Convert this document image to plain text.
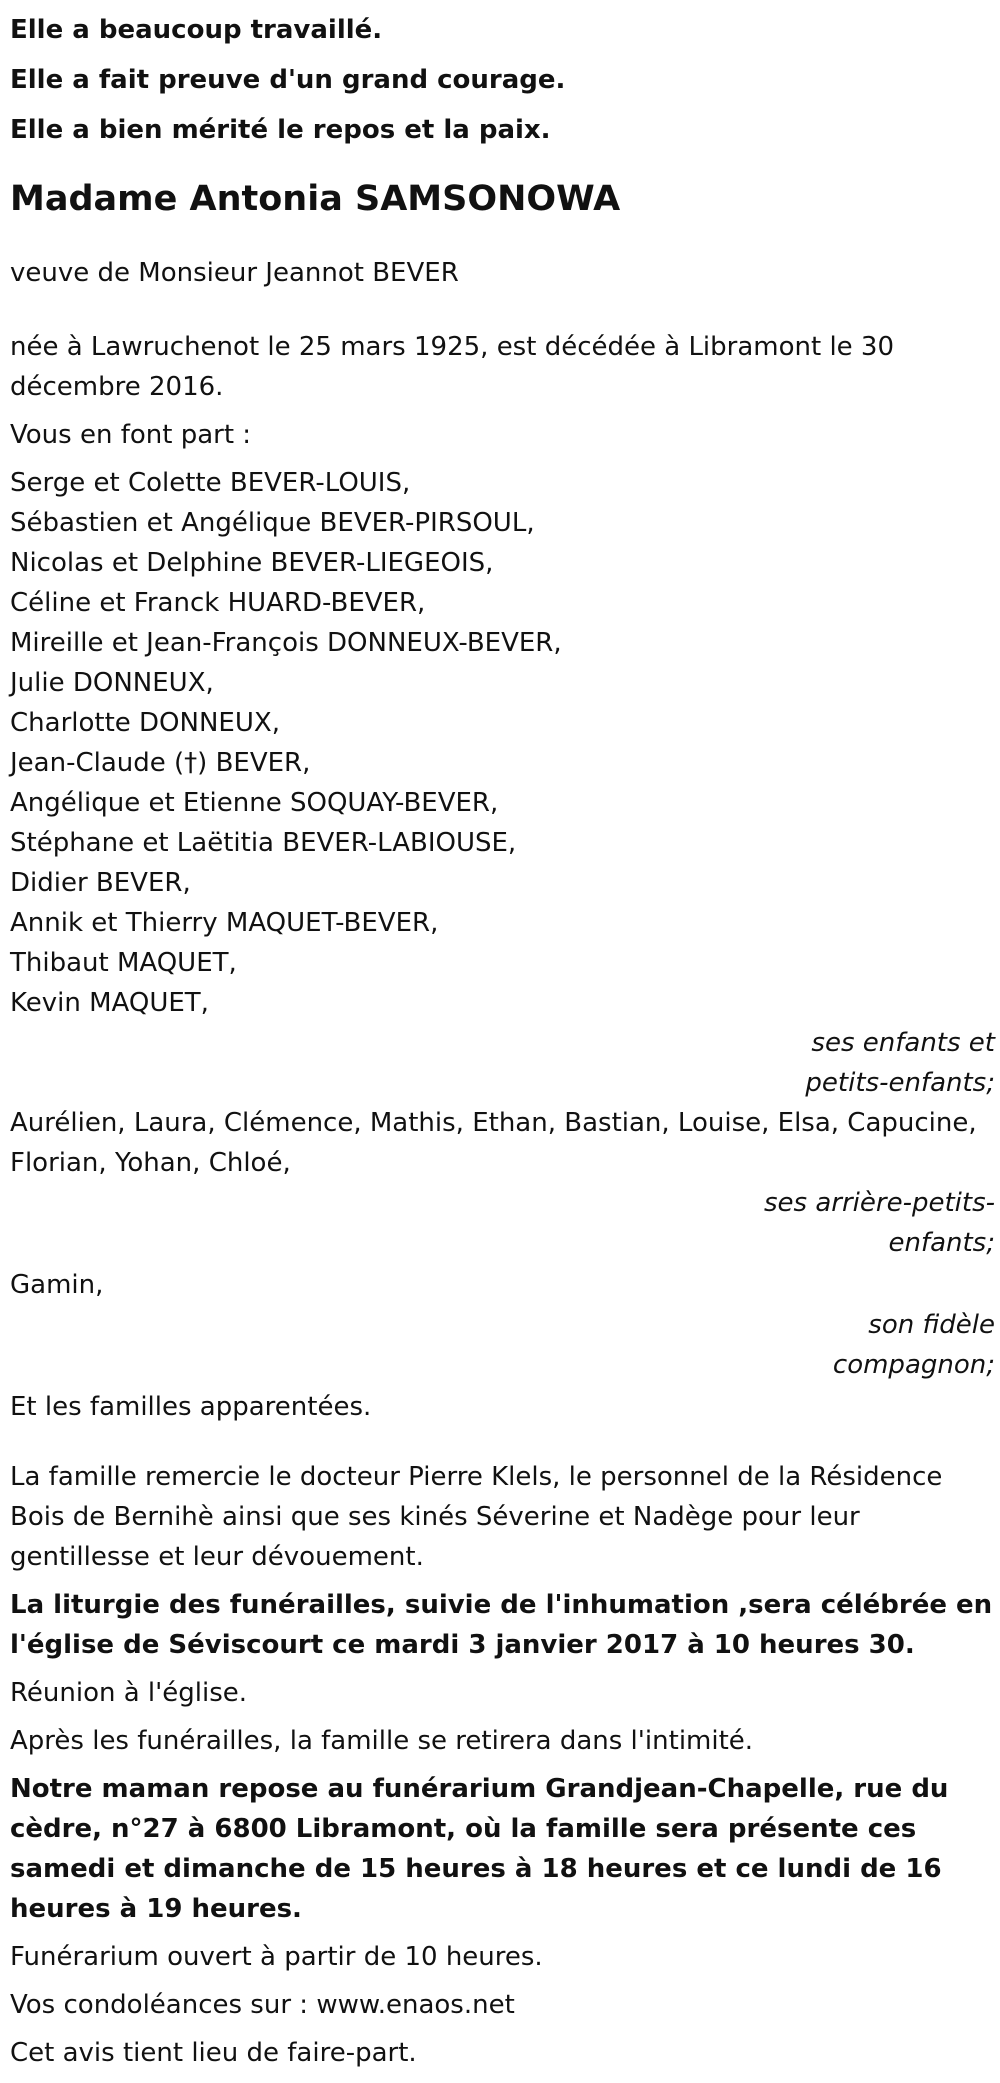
Elle a beaucoup travaillé.

Elle a fait preuve d'un grand courage.

Elle a bien mérité le repos et la paix.

Madame Antonia SAMSONOWA

veuve de Monsieur Jeannot BEVER

née à Lawruchenot le 25 mars 1925, est décédée à Libramont le 30 décembre 2016.

Vous en font part :

Serge et Colette BEVER-LOUIS,

Sébastien et Angélique BEVER-PIRSOUL,

Nicolas et Delphine BEVER-LIEGEOIS,

Céline et Franck HUARD-BEVER,

Mireille et Jean-François DONNEUX-BEVER,

Julie DONNEUX,

Charlotte DONNEUX,

Jean-Claude (†) BEVER,

Angélique et Etienne SOQUAY-BEVER,

Stéphane et Laëtitia BEVER-LABIOUSE,

Didier BEVER,

Annik et Thierry MAQUET-BEVER,

Thibaut MAQUET,

Kevin MAQUET,

ses enfants et

petits-enfants;

Aurélien, Laura, Clémence, Mathis, Ethan, Bastian, Louise, Elsa, Capucine, Florian, Yohan, Chloé,

ses arrière-petits-

enfants;

Gamin,

son fidèle

compagnon;

Et les familles apparentées.

La famille remercie le docteur Pierre Klels, le personnel de la Résidence Bois de Bernihè ainsi que ses kinés Séverine et Nadège pour leur gentillesse et leur dévouement.

La liturgie des funérailles, suivie de l'inhumation ,sera célébrée en l'église de Séviscourt ce mardi 3 janvier 2017 à 10 heures 30.

Réunion à l'église.

Après les funérailles, la famille se retirera dans l'intimité.

Notre maman repose au funérarium Grandjean-Chapelle, rue du cèdre, n°27 à 6800 Libramont, où la famille sera présente ces samedi et dimanche de 15 heures à 18 heures et ce lundi de 16 heures à 19 heures.

Funérarium ouvert à partir de 10 heures.

Vos condoléances sur : www.enaos.net

Cet avis tient lieu de faire-part.
